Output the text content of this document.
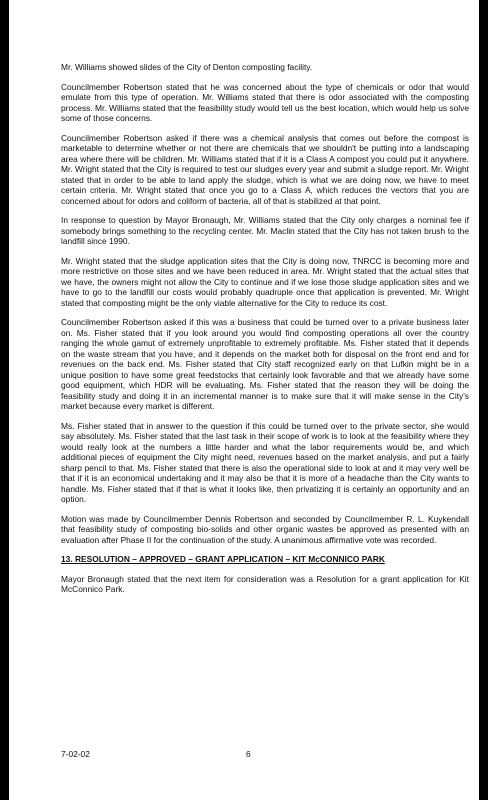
Mr. Williams showed slides of the City of Denton composting facility.

Councilmember Robertson stated that he was concerned about the type of chemicals or odor that would emulate from this type of operation. Mr. Williams stated that there is odor associated with the composting process. Mr. Williams stated that the feasibility study would tell us the best location, which would help us solve some of those concerns.

Councilmember Robertson asked if there was a chemical analysis that comes out before the compost is marketable to determine whether or not there are chemicals that we shouldn't be putting into a landscaping area where there will be children. Mr. Williams stated that if it is a Class A compost you could put it anywhere. Mr. Wright stated that the City is required to test our sludges every year and submit a sludge report. Mr. Wright stated that in order to be able to land apply the sludge, which is what we are doing now, we have to meet certain criteria. Mr. Wright stated that once you go to a Class A, which reduces the vectors that you are concerned about for odors and coliform of bacteria, all of that is stabilized at that point.

In response to question by Mayor Bronaugh, Mr. Williams stated that the City only charges a nominal fee if somebody brings something to the recycling center. Mr. Maclin stated that the City has not taken brush to the landfill since 1990.

Mr. Wright stated that the sludge application sites that the City is doing now, TNRCC is becoming more and more restrictive on those sites and we have been reduced in area. Mr. Wright stated that the actual sites that we have, the owners might not allow the City to continue and if we lose those sludge application sites and we have to go to the landfill our costs would probably quadruple once that application is prevented. Mr. Wright stated that composting might be the only viable alternative for the City to reduce its cost.

Councilmember Robertson asked if this was a business that could be turned over to a private business later on. Ms. Fisher stated that if you look around you would find composting operations all over the country ranging the whole gamut of extremely unprofitable to extremely profitable. Ms. Fisher stated that it depends on the waste stream that you have, and it depends on the market both for disposal on the front end and for revenues on the back end. Ms. Fisher stated that City staff recognized early on that Lufkin might be in a unique position to have some great feedstocks that certainly look favorable and that we already have some good equipment, which HDR will be evaluating. Ms. Fisher stated that the reason they will be doing the feasibility study and doing it in an incremental manner is to make sure that it will make sense in the City's market because every market is different.

Ms. Fisher stated that in answer to the question if this could be turned over to the private sector, she would say absolutely. Ms. Fisher stated that the last task in their scope of work is to look at the feasibility where they would really look at the numbers a little harder and what the labor requirements would be, and which additional pieces of equipment the City might need, revenues based on the market analysis, and put a fairly sharp pencil to that. Ms. Fisher stated that there is also the operational side to look at and it may very well be that if it is an economical undertaking and it may also be that it is more of a headache than the City wants to handle. Ms. Fisher stated that if that is what it looks like, then privatizing it is certainly an opportunity and an option.

Motion was made by Councilmember Dennis Robertson and seconded by Councilmember R. L. Kuykendall that feasibility study of composting bio-solids and other organic wastes be approved as presented with an evaluation after Phase II for the continuation of the study. A unanimous affirmative vote was recorded.

13. RESOLUTION – APPROVED – GRANT APPLICATION – KIT McCONNICO PARK

Mayor Bronaugh stated that the next item for consideration was a Resolution for a grant application for Kit McConnico Park.

7-02-02	6
